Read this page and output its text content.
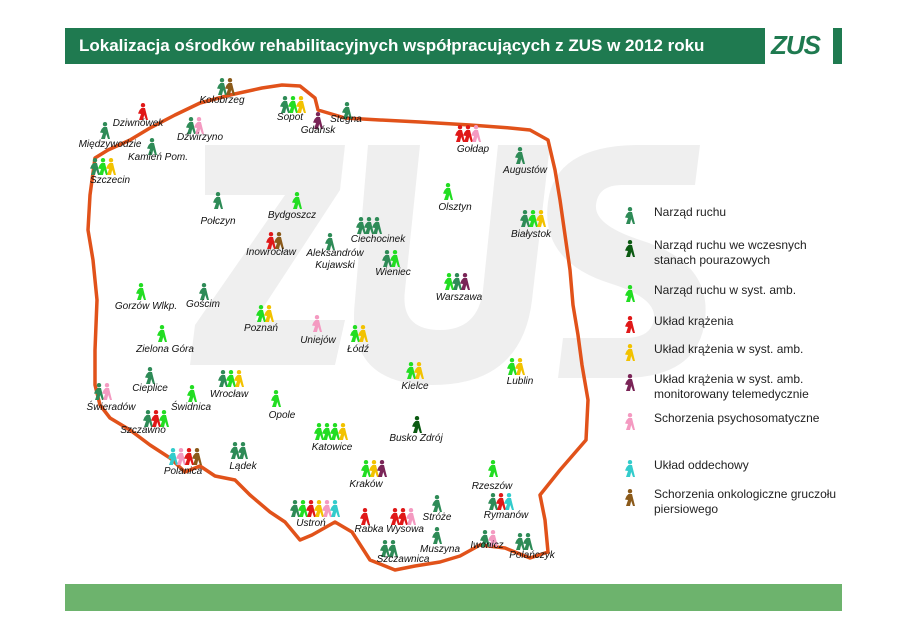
Lokalizacja ośrodków rehabilitacyjnych współpracujących z ZUS w 2012 roku	ZUS
Kołobrzeg
Dziwnówek
Międzywodzie
Dźwirzyno
Kamień Pom.
Szczecin
Sopot
Gdańsk
Stegna
Gołdap
Augustów
Połczyn
Bydgoszcz
Inowrocław Aleksandrów
Kujawski
Ciechocinek
Wieniec
Olsztyn
Białystok
Gorzów Wlkp. Gościm
Poznań
Uniejów
Łódź
Warszawa
Zielona Góra
Cieplice
Wrocław
Kielce	Lublin
Świeradów	Świdnica
Opole
Szczawno
Polanica	Lądek
Katowice
Busko Zdrój
Kraków	Rzeszów
Ustroń
Rabka Wysowa
Stróże	Rymanów
Szczawnica
Muszyna Iwonicz
Polańczyk
Narząd ruchu
Narząd ruchu we wczesnych stanach pourazowych
Narząd ruchu w syst. amb.
Układ krążenia
Układ krążenia w syst. amb.
Układ krążenia w syst. amb. monitorowany telemedycznie
Schorzenia psychosomatyczne
Układ oddechowy
Schorzenia onkologiczne gruczołu piersiowego
